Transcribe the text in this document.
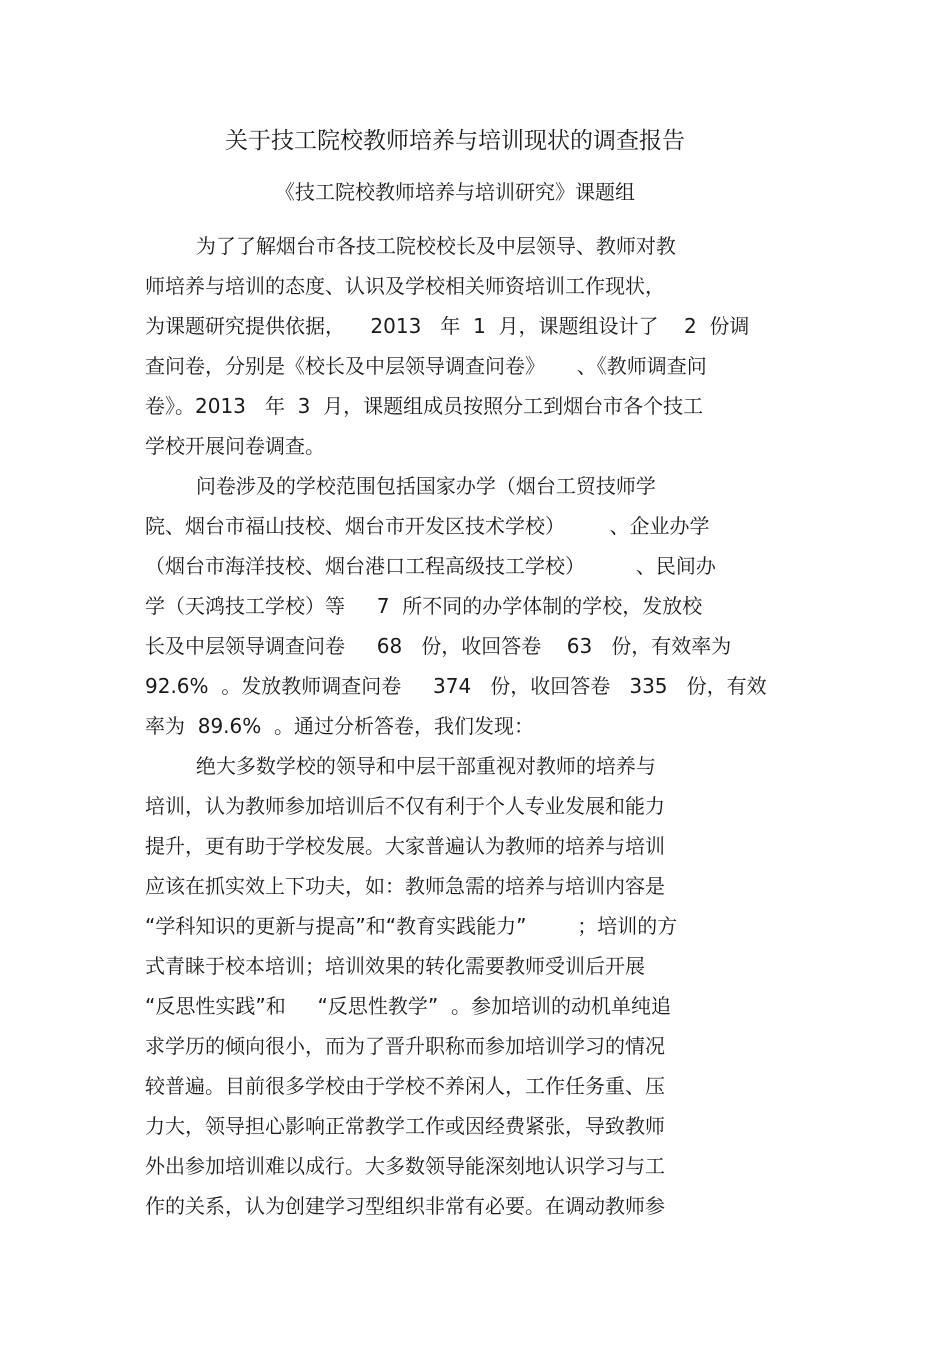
关于技工院校教师培养与培训现状的调查报告
《技工院校教师培养与培训研究》课题组
为了了解烟台市各技工院校校长及中层领导、教师对教
师培养与培训的态度、认识及学校相关师资培训工作现状，
为课题研究提供依据，    2013   年  1  月，课题组设计了    2  份调
查问卷，分别是《校长及中层领导调查问卷》     、《教师调查问
卷》。2013   年  3  月，课题组成员按照分工到烟台市各个技工
学校开展问卷调查。
问卷涉及的学校范围包括国家办学（烟台工贸技师学
院、烟台市福山技校、烟台市开发区技术学校）       、企业办学
（烟台市海洋技校、烟台港口工程高级技工学校）        、民间办
学（天鸿技工学校）等     7  所不同的办学体制的学校，发放校
长及中层领导调查问卷     68   份，收回答卷    63   份，有效率为
92.6%  。发放教师调查问卷     374   份，收回答卷   335   份，有效
率为  89.6%  。通过分析答卷，我们发现：
绝大多数学校的领导和中层干部重视对教师的培养与
培训，认为教师参加培训后不仅有利于个人专业发展和能力
提升，更有助于学校发展。大家普遍认为教师的培养与培训
应该在抓实效上下功夫，如：教师急需的培养与培训内容是
“学科知识的更新与提高”和“教育实践能力”        ；培训的方
式青睐于校本培训；培训效果的转化需要教师受训后开展
“反思性实践”和     “反思性教学”  。参加培训的动机单纯追
求学历的倾向很小，而为了晋升职称而参加培训学习的情况
较普遍。目前很多学校由于学校不养闲人，工作任务重、压
力大，领导担心影响正常教学工作或因经费紧张，导致教师
外出参加培训难以成行。大多数领导能深刻地认识学习与工
作的关系，认为创建学习型组织非常有必要。在调动教师参
